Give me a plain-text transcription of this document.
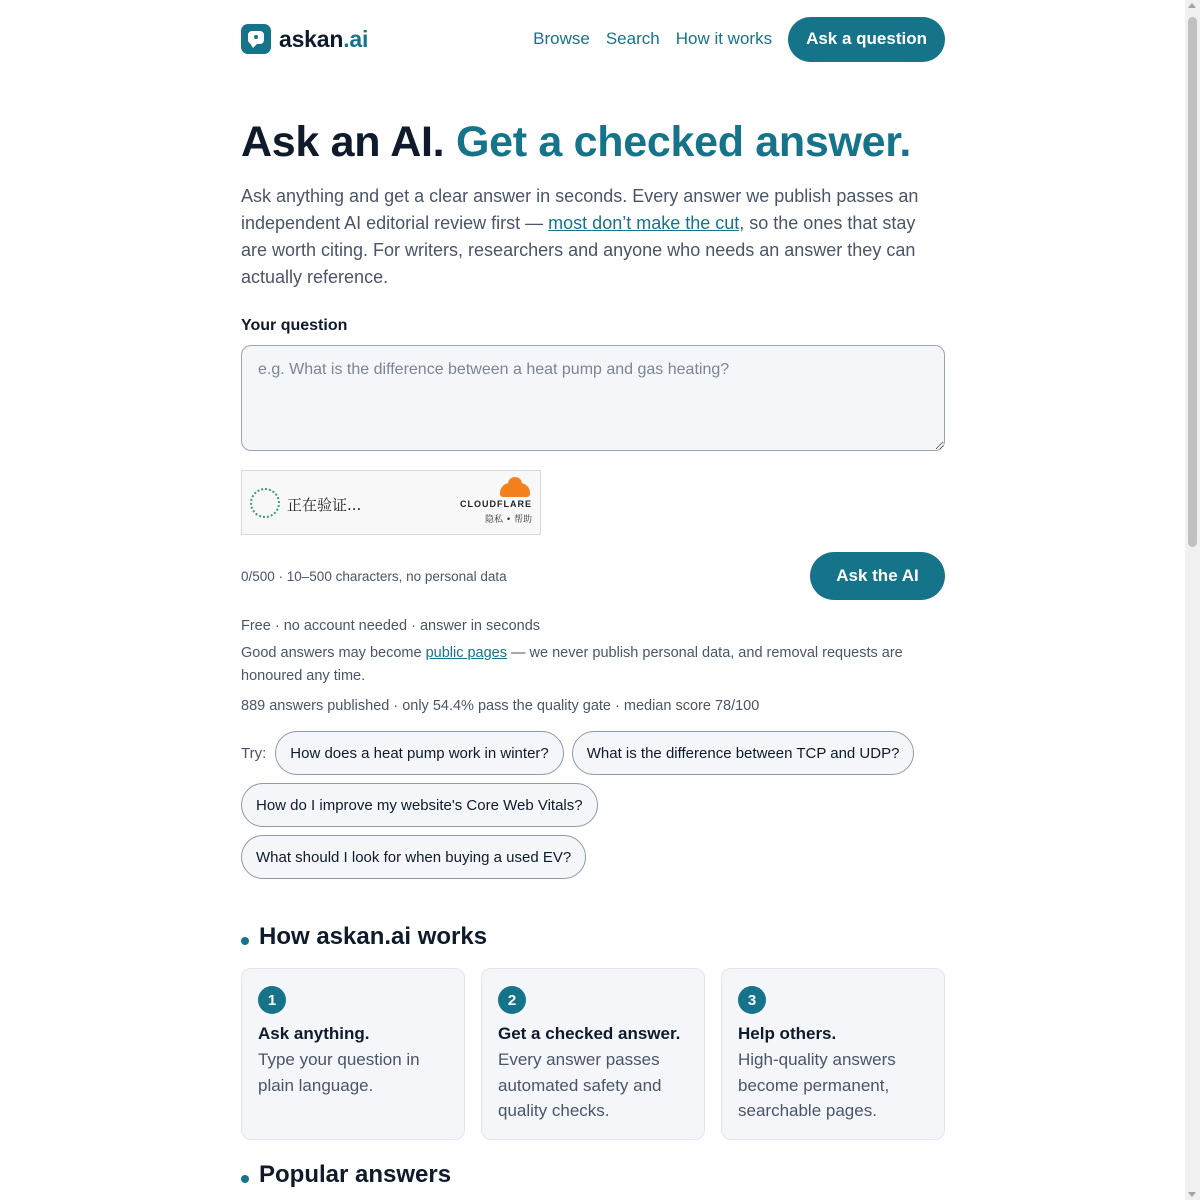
askan.ai	Browse Search How it works	Ask a question
Ask an AI. Get a checked answer.

Ask anything and get a clear answer in seconds. Every answer we publish passes an independent AI editorial review first — most don’t make the cut, so the ones that stay are worth citing. For writers, researchers and anyone who needs an answer they can actually reference.

Your question
e.g. What is the difference between a heat pump and gas heating?
正在验证...	CLOUDFLARE
隐私 • 帮助
0/500 · 10–500 characters, no personal data	Ask the AI

Free · no account needed · answer in seconds

Good answers may become public pages — we never publish personal data, and removal requests are honoured any time.

889 answers published · only 54.4% pass the quality gate · median score 78/100

Try:	How does a heat pump work in winter?	What is the difference between TCP and UDP?
How do I improve my website's Core Web Vitals?
What should I look for when buying a used EV?
How askan.ai works
1
Ask anything.
Type your question in plain language.
2
Get a checked answer.
Every answer passes automated safety and quality checks.
3
Help others.
High-quality answers become permanent, searchable pages.
Popular answers
